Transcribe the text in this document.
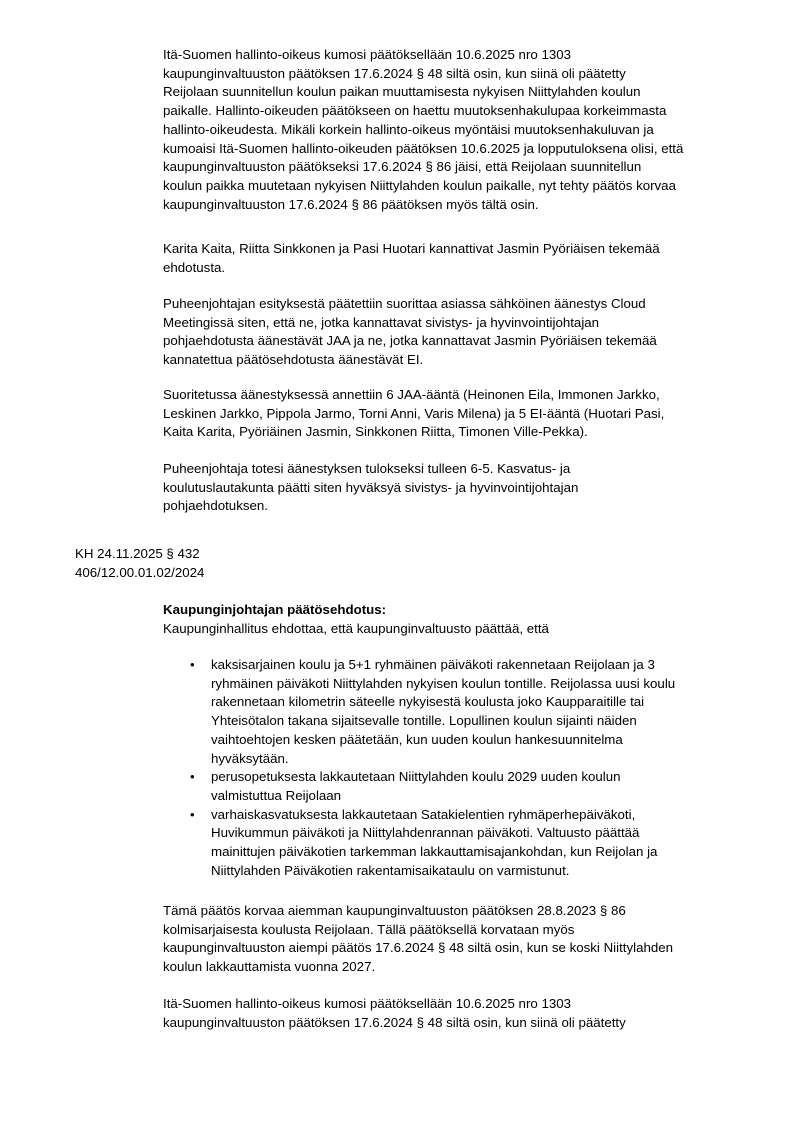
Itä-Suomen hallinto-oikeus kumosi päätöksellään 10.6.2025 nro 1303
kaupunginvaltuuston päätöksen 17.6.2024 § 48 siltä osin, kun siinä oli päätetty
Reijolaan suunnitellun koulun paikan muuttamisesta nykyisen Niittylahden koulun
paikalle. Hallinto-oikeuden päätökseen on haettu muutoksenhakulupaa korkeimmasta
hallinto-oikeudesta. Mikäli korkein hallinto-oikeus myöntäisi muutoksenhakuluvan ja
kumoaisi Itä-Suomen hallinto-oikeuden päätöksen 10.6.2025 ja lopputuloksena olisi, että
kaupunginvaltuuston päätökseksi 17.6.2024 § 86 jäisi, että Reijolaan suunnitellun
koulun paikka muutetaan nykyisen Niittylahden koulun paikalle, nyt tehty päätös korvaa
kaupunginvaltuuston 17.6.2024 § 86 päätöksen myös tältä osin.
Karita Kaita, Riitta Sinkkonen ja Pasi Huotari kannattivat Jasmin Pyöriäisen tekemää
ehdotusta.
Puheenjohtajan esityksestä päätettiin suorittaa asiassa sähköinen äänestys Cloud
Meetingissä siten, että ne, jotka kannattavat sivistys- ja hyvinvointijohtajan
pohjaehdotusta äänestävät JAA ja ne, jotka kannattavat Jasmin Pyöriäisen tekemää
kannatettua päätösehdotusta äänestävät EI.
Suoritetussa äänestyksessä annettiin 6 JAA-ääntä (Heinonen Eila, Immonen Jarkko,
Leskinen Jarkko, Pippola Jarmo, Torni Anni, Varis Milena) ja 5 EI-ääntä (Huotari Pasi,
Kaita Karita, Pyöriäinen Jasmin, Sinkkonen Riitta, Timonen Ville-Pekka).
Puheenjohtaja totesi äänestyksen tulokseksi tulleen 6-5. Kasvatus- ja
koulutuslautakunta päätti siten hyväksyä sivistys- ja hyvinvointijohtajan
pohjaehdotuksen.
KH 24.11.2025 § 432
406/12.00.01.02/2024
Kaupunginjohtajan päätösehdotus:
Kaupunginhallitus ehdottaa, että kaupunginvaltuusto päättää, että
• kaksisarjainen koulu ja 5+1 ryhmäinen päiväkoti rakennetaan Reijolaan ja 3
ryhmäinen päiväkoti Niittylahden nykyisen koulun tontille. Reijolassa uusi koulu
rakennetaan kilometrin säteelle nykyisestä koulusta joko Kaupparaitille tai
Yhteisötalon takana sijaitsevalle tontille. Lopullinen koulun sijainti näiden
vaihtoehtojen kesken päätetään, kun uuden koulun hankesuunnitelma
hyväksytään.
• perusopetuksesta lakkautetaan Niittylahden koulu 2029 uuden koulun
valmistuttua Reijolaan
• varhaiskasvatuksesta lakkautetaan Satakielentien ryhmäperhepäiväkoti,
Huvikummun päiväkoti ja Niittylahdenrannan päiväkoti. Valtuusto päättää
mainittujen päiväkotien tarkemman lakkauttamisajankohdan, kun Reijolan ja
Niittylahden Päiväkotien rakentamisaikataulu on varmistunut.
Tämä päätös korvaa aiemman kaupunginvaltuuston päätöksen 28.8.2023 § 86
kolmisarjaisesta koulusta Reijolaan. Tällä päätöksellä korvataan myös
kaupunginvaltuuston aiempi päätös 17.6.2024 § 48 siltä osin, kun se koski Niittylahden
koulun lakkauttamista vuonna 2027.
Itä-Suomen hallinto-oikeus kumosi päätöksellään 10.6.2025 nro 1303
kaupunginvaltuuston päätöksen 17.6.2024 § 48 siltä osin, kun siinä oli päätetty
